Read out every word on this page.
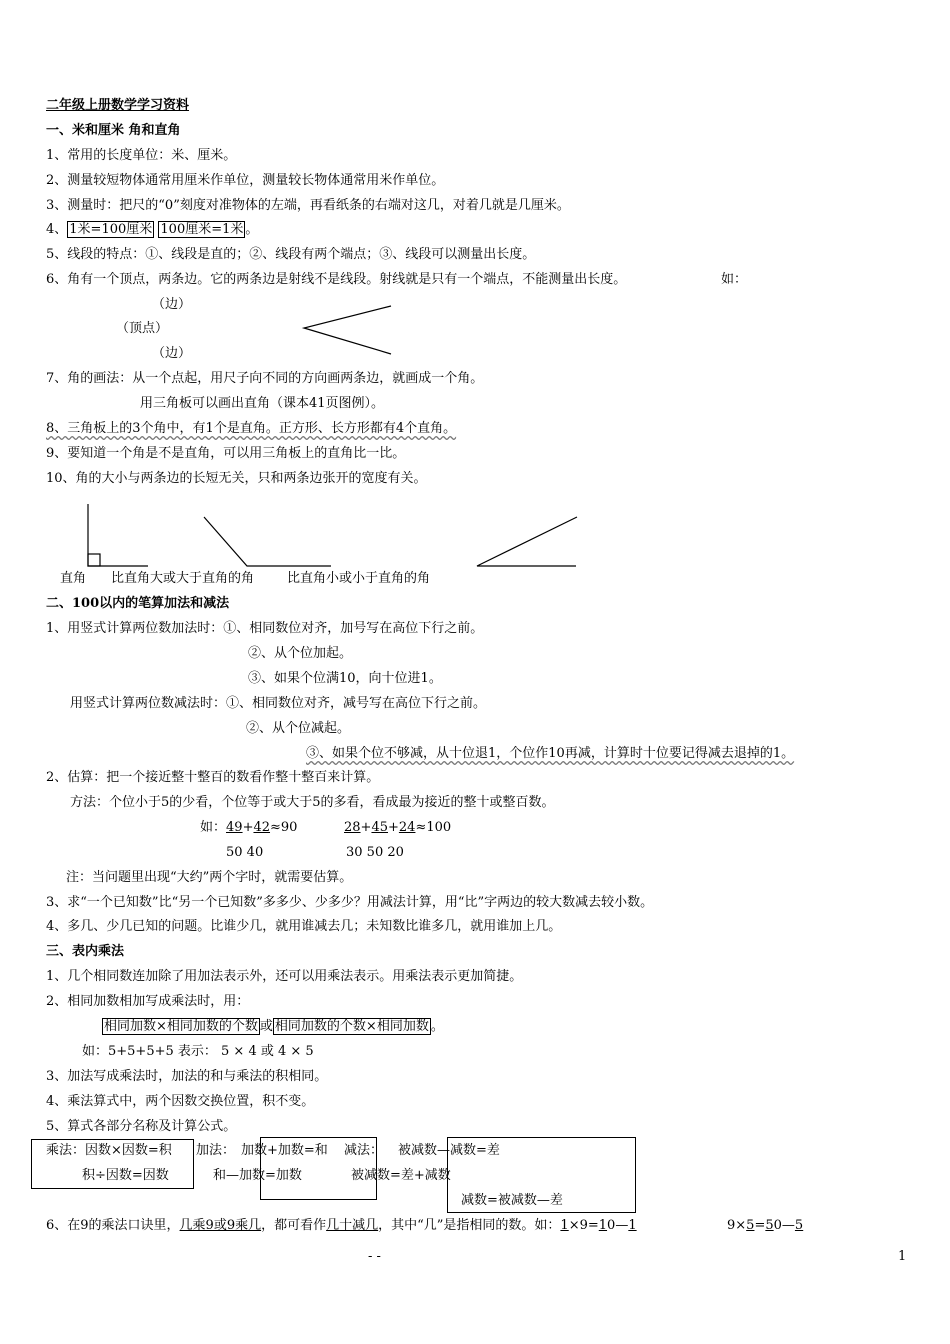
二年级上册数学学习资料
一、米和厘米 角和直角
1、常用的长度单位：米、厘米。
2、测量较短物体通常用厘米作单位，测量较长物体通常用米作单位。
3、测量时：把尺的“0”刻度对准物体的左端，再看纸条的右端对这几，对着几就是几厘米。
4、 1米=100厘米 100厘米=1米 。
5、线段的特点：①、线段是直的；②、线段有两个端点；③、线段可以测量出长度。
6、角有一个顶点，两条边。它的两条边是射线不是线段。射线就是只有一个端点，不能测量出长度。	如：
（边）
（顶点）
（边）
7、角的画法：从一个点起，用尺子向不同的方向画两条边，就画成一个角。
用三角板可以画出直角（课本41页图例）。
8、三角板上的3个角中，有1个是直角。正方形、长方形都有4个直角。
9、要知道一个角是不是直角，可以用三角板上的直角比一比。
10、角的大小与两条边的长短无关，只和两条边张开的宽度有关。
直角 比直角大或大于直角的角	比直角小或小于直角的角
二、100以内的笔算加法和减法
1、用竖式计算两位数加法时：①、相同数位对齐，加号写在高位下行之前。
②、从个位加起。
③、如果个位满10，向十位进1。
用竖式计算两位数减法时：①、相同数位对齐，减号写在高位下行之前。
②、从个位减起。
③、如果个位不够减，从十位退1，个位作10再减，计算时十位要记得减去退掉的1。
2、估算：把一个接近整十整百的数看作整十整百来计算。
方法：个位小于5的少看，个位等于或大于5的多看，看成最为接近的整十或整百数。
如：49+42≈90	28+45+24≈100
50 40	30 50 20
注：当问题里出现“大约”两个字时，就需要估算。
3、求“一个已知数”比“另一个已知数”多多少、少多少？用减法计算，用“比”字两边的较大数减去较小数。
4、多几、少几已知的问题。比谁少几，就用谁减去几；未知数比谁多几，就用谁加上几。
三、表内乘法
1、几个相同数连加除了用加法表示外，还可以用乘法表示。用乘法表示更加简捷。
2、相同加数相加写成乘法时，用：
相同加数×相同加数的个数 或 相同加数的个数×相同加数 。
如：5+5+5+5 表示： 5 × 4 或 4 × 5
3、加法写成乘法时，加法的和与乘法的积相同。
4、乘法算式中，两个因数交换位置，积不变。
5、算式各部分名称及计算公式。
乘法：因数×因数=积
积÷因数=因数
加法： 加数+加数=和
和—加数=加数
减法： 被减数—减数=差
被减数=差+减数
减数=被减数—差
6、在9的乘法口诀里，几乘9或9乘几，都可看作几十减几，其中“几”是指相同的数。如：1×9=10—1	9×5=50—5
- -	1
